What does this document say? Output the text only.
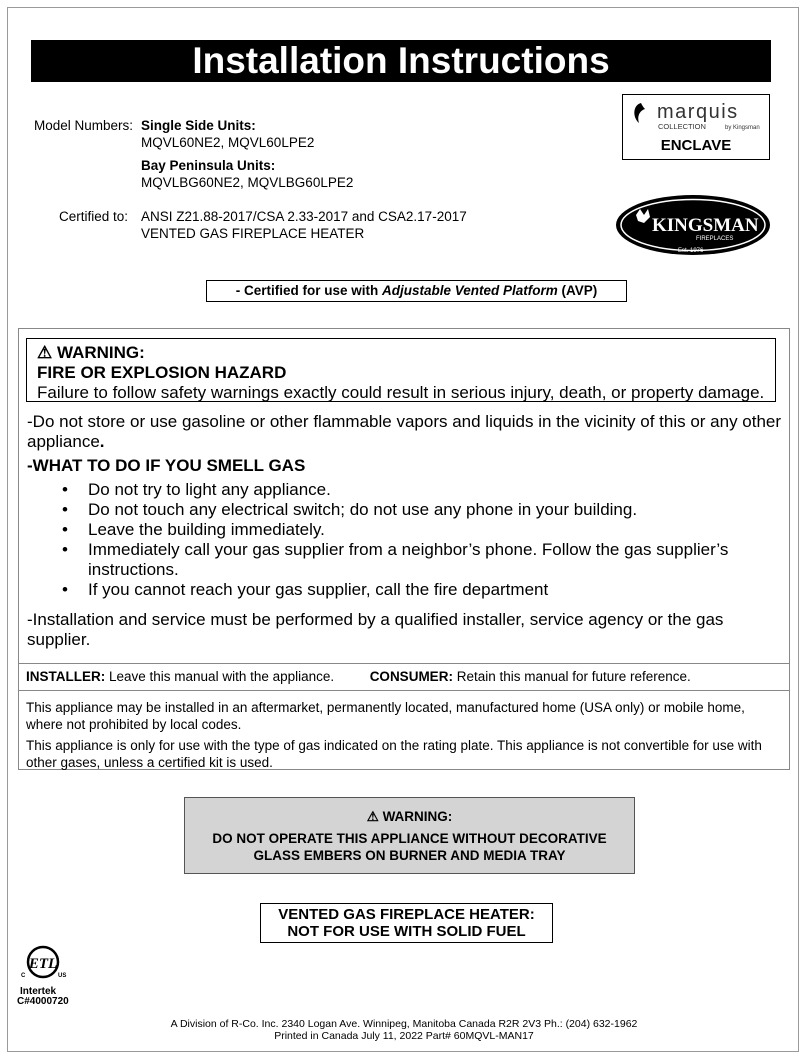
Installation Instructions
Model Numbers: Single Side Units:
MQVL60NE2, MQVL60LPE2
Bay Peninsula Units:
MQVLBG60NE2, MQVLBG60LPE2
Certified to: ANSI Z21.88-2017/CSA 2.33-2017 and CSA2.17-2017
VENTED GAS FIREPLACE HEATER
marquis
COLLECTION	by Kingsman
ENCLAVE
KINGSMAN
FIREPLACES
Est. 1976
- Certified for use with Adjustable Vented Platform (AVP)
⚠ WARNING:
FIRE OR EXPLOSION HAZARD
Failure to follow safety warnings exactly could result in serious injury, death, or property damage.
-Do not store or use gasoline or other flammable vapors and liquids in the vicinity of this or any other appliance.
-WHAT TO DO IF YOU SMELL GAS
• Do not try to light any appliance.
• Do not touch any electrical switch; do not use any phone in your building.
• Leave the building immediately.
• Immediately call your gas supplier from a neighbor’s phone. Follow the gas supplier’s instructions.
• If you cannot reach your gas supplier, call the fire department
-Installation and service must be performed by a qualified installer, service agency or the gas supplier.
INSTALLER: Leave this manual with the appliance.	CONSUMER: Retain this manual for future reference.
This appliance may be installed in an aftermarket, permanently located, manufactured home (USA only) or mobile home, where not prohibited by local codes.
This appliance is only for use with the type of gas indicated on the rating plate. This appliance is not convertible for use with other gases, unless a certified kit is used.
⚠ WARNING:
DO NOT OPERATE THIS APPLIANCE WITHOUT DECORATIVE
GLASS EMBERS ON BURNER AND MEDIA TRAY
VENTED GAS FIREPLACE HEATER:
NOT FOR USE WITH SOLID FUEL
ETL
C	US
Intertek
C#4000720
A Division of R-Co. Inc. 2340 Logan Ave. Winnipeg, Manitoba Canada R2R 2V3 Ph.: (204) 632-1962
Printed in Canada July 11, 2022 Part# 60MQVL-MAN17
